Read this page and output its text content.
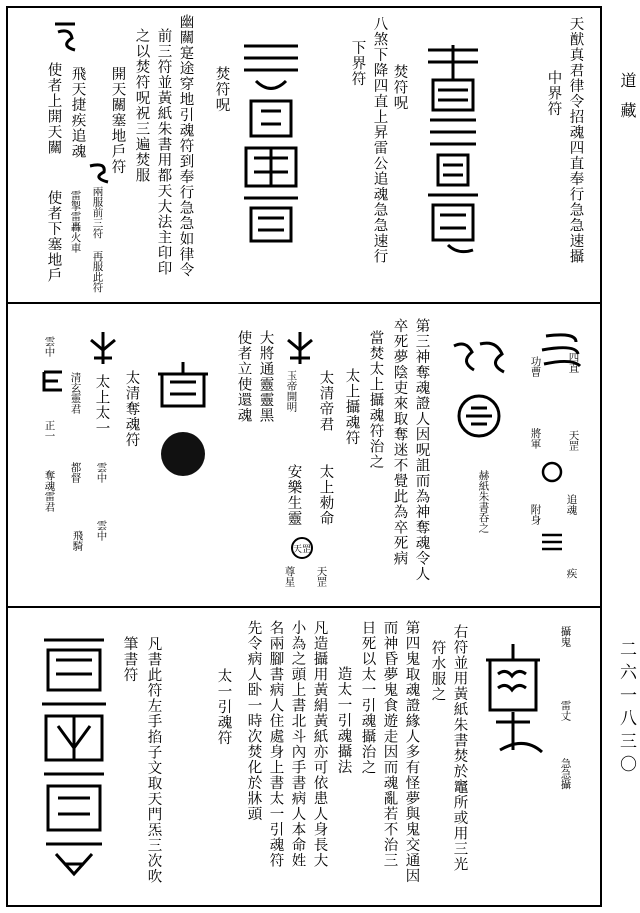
道藏
二六一八三〇
天猷真君律令招魂四直奉行急急速攝
中界符
八煞下降四直上昇雷公追魂急急速行
下界符
焚符呪
焚符呪
幽關寔途穿地引魂符到奉行急急如律令
前三符並黃紙朱書用都天大法主印印
之以焚符呪祝三遍焚服
開天關塞地戶符
兩服前三符 再服此符
飛天捷疾追魂
雷掣雷轟火車
使者上開天關
使者下塞地戶
四直
天罡
功曹
將軍
附身 追魂
疾
赫紙朱書呑之
第三神奪魂證人因呪詛而為神奪魂令人
卒死夢陰吏來取奪迷不覺此為卒死病
當焚太上攝魂符治之
太上攝魂符
太清帝君
太上勑命
天罡
玉帝開明
安樂生靈
天罡
尊星
大將通靈靈黑
使者立使還魂
太清奪魂符
太上太一
雲中
清玄靈君
都督
雲中
飛騎
雲中
正一
奪魂雷君
攝鬼
雷丈
急急攝
右符並用黃紙朱書焚於竈所或用三光
符水服之
第四鬼取魂證緣人多有怪夢與鬼交通因
而神昏夢鬼食遊走因而魂亂若不治三
日死以太一引魂攝治之
造太一引魂攝法
凡造攝用黃絹黃紙亦可依患人身長大
小為之頭上書北斗內手書病人本命姓
名兩腳書病人住處身上書太一引魂符
先令病人卧一時次焚化於牀頭
太一引魂符
凡書此符左手掐子文取天門炁三次吹
筆書符
